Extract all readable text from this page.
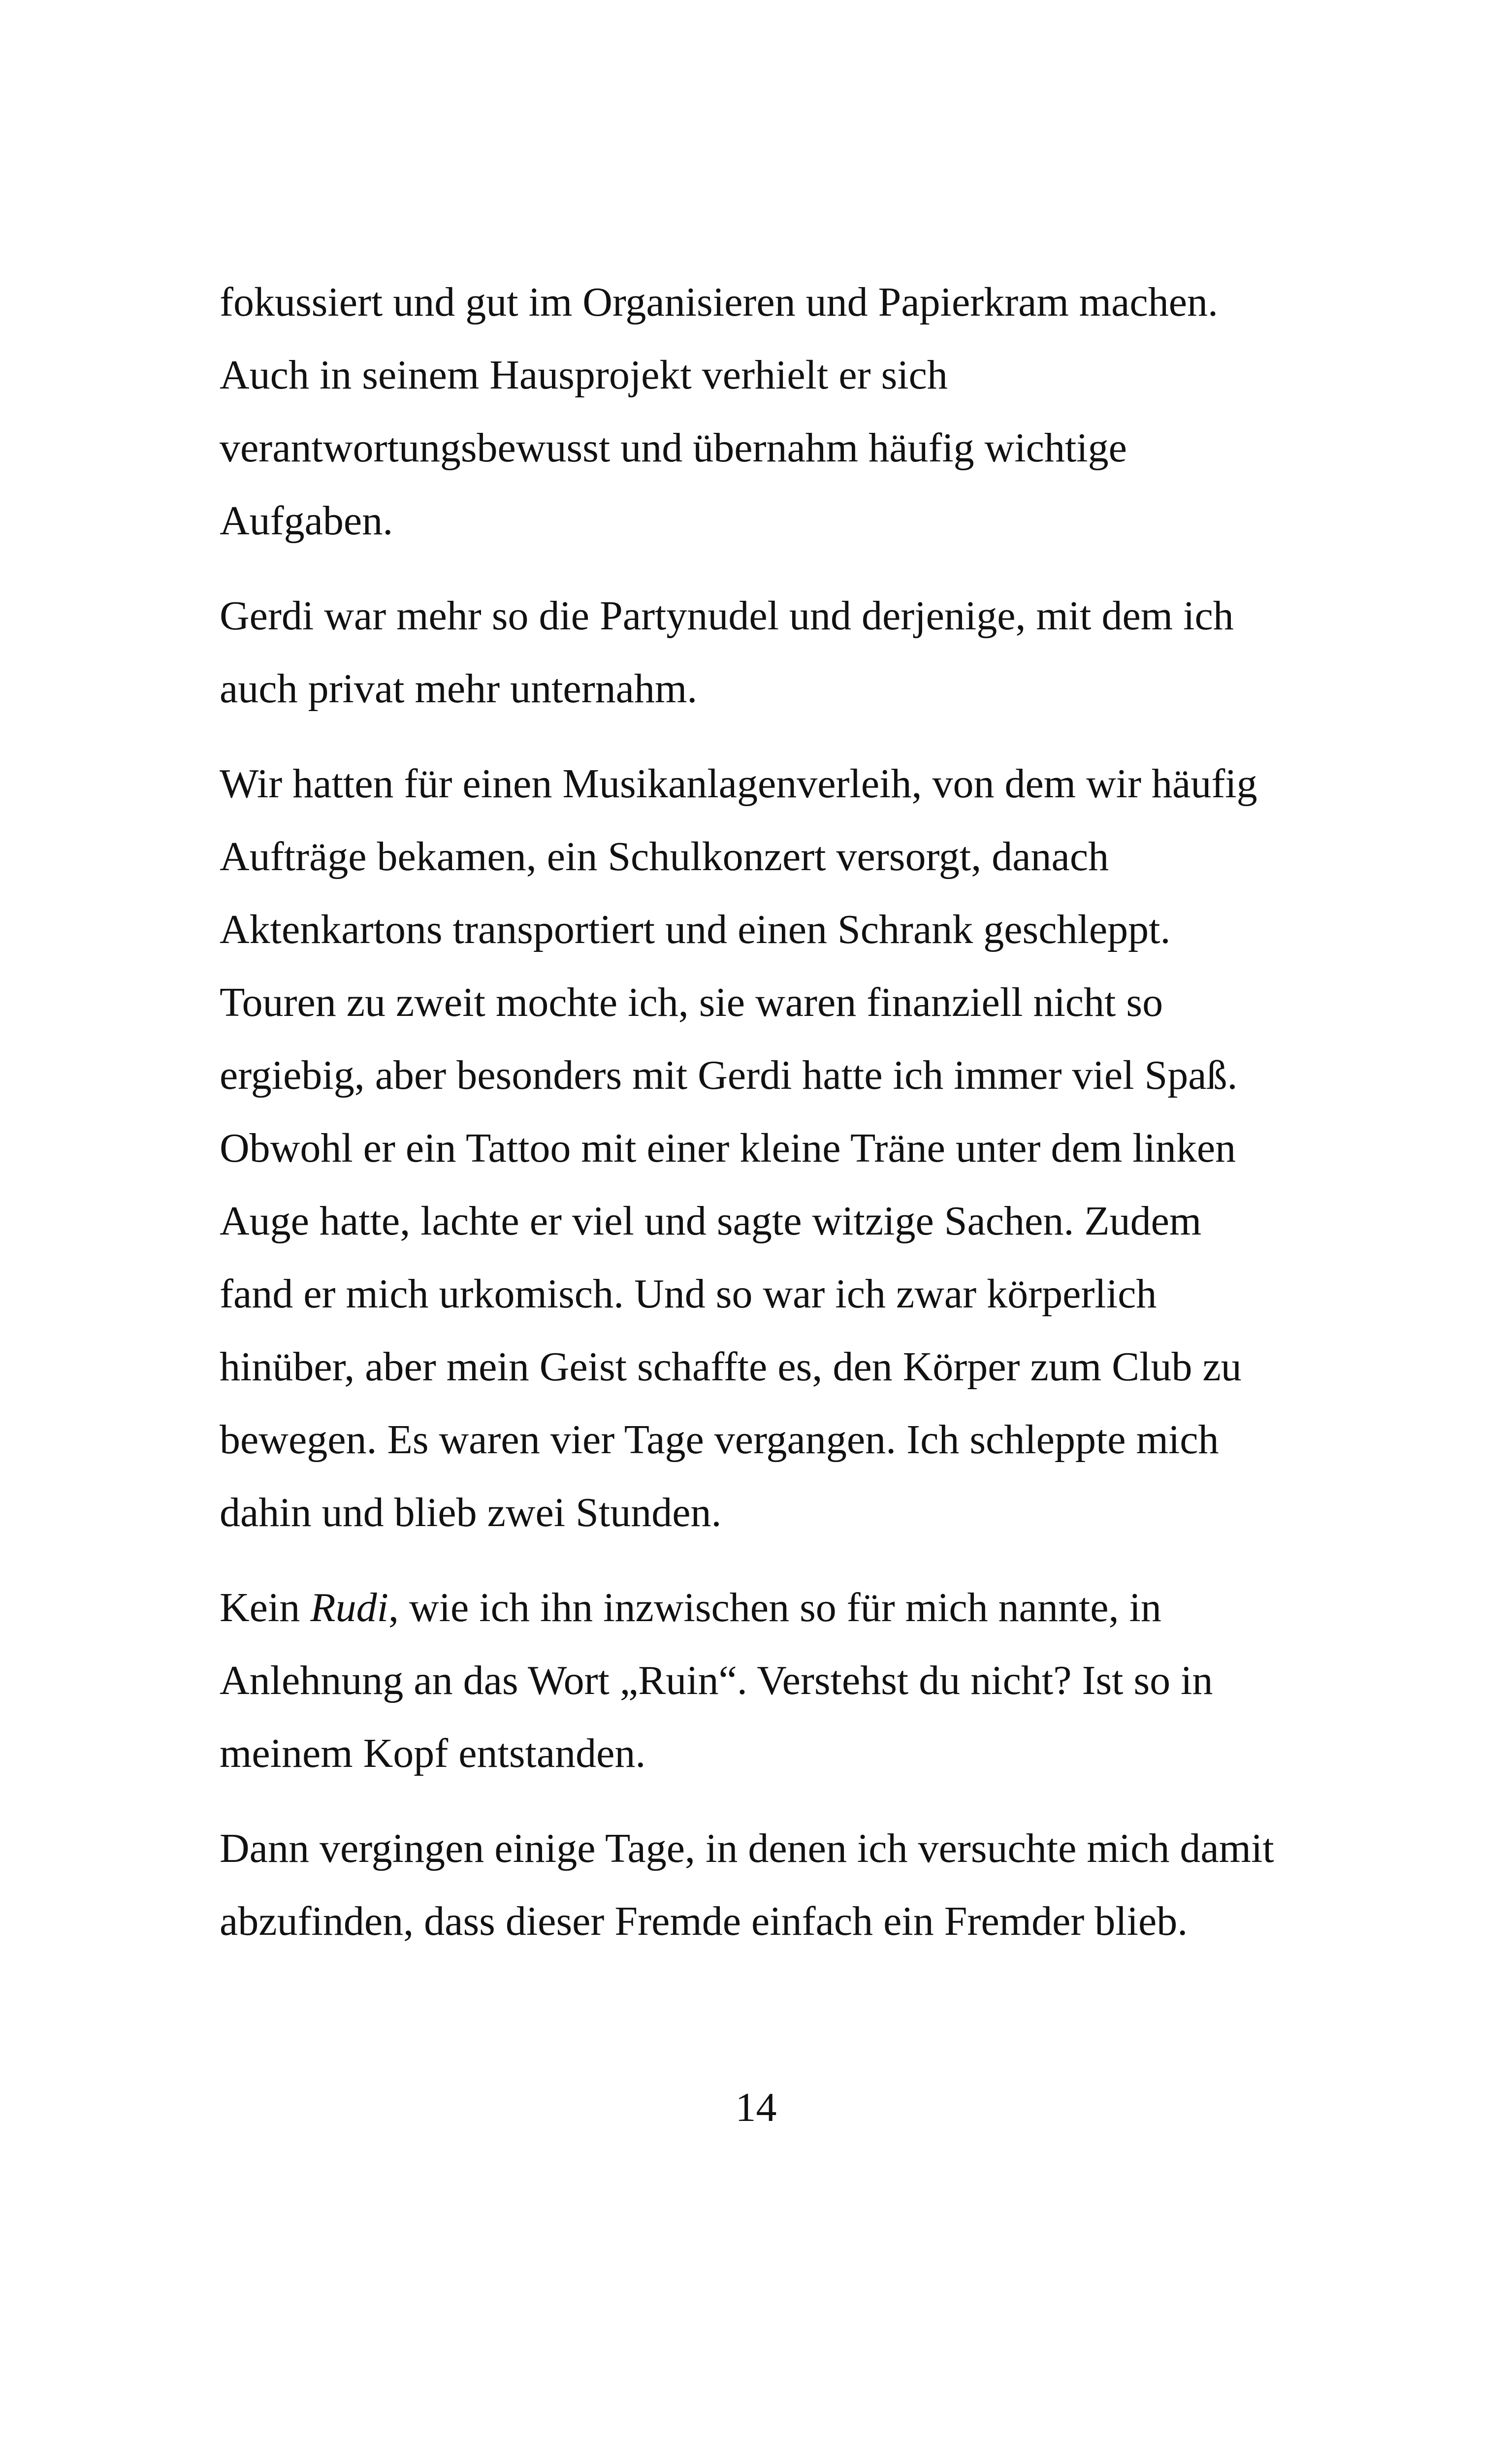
fokussiert und gut im Organisieren und Papierkram machen.
Auch in seinem Hausprojekt verhielt er sich
verantwortungsbewusst und übernahm häufig wichtige
Aufgaben.

Gerdi war mehr so die Partynudel und derjenige, mit dem ich
auch privat mehr unternahm.

Wir hatten für einen Musikanlagenverleih, von dem wir häufig
Aufträge bekamen, ein Schulkonzert versorgt, danach
Aktenkartons transportiert und einen Schrank geschleppt.
Touren zu zweit mochte ich, sie waren finanziell nicht so
ergiebig, aber besonders mit Gerdi hatte ich immer viel Spaß.
Obwohl er ein Tattoo mit einer kleine Träne unter dem linken
Auge hatte, lachte er viel und sagte witzige Sachen. Zudem
fand er mich urkomisch. Und so war ich zwar körperlich
hinüber, aber mein Geist schaffte es, den Körper zum Club zu
bewegen. Es waren vier Tage vergangen. Ich schleppte mich
dahin und blieb zwei Stunden.

Kein Rudi, wie ich ihn inzwischen so für mich nannte, in
Anlehnung an das Wort „Ruin“. Verstehst du nicht? Ist so in
meinem Kopf entstanden.

Dann vergingen einige Tage, in denen ich versuchte mich damit
abzufinden, dass dieser Fremde einfach ein Fremder blieb.

14
